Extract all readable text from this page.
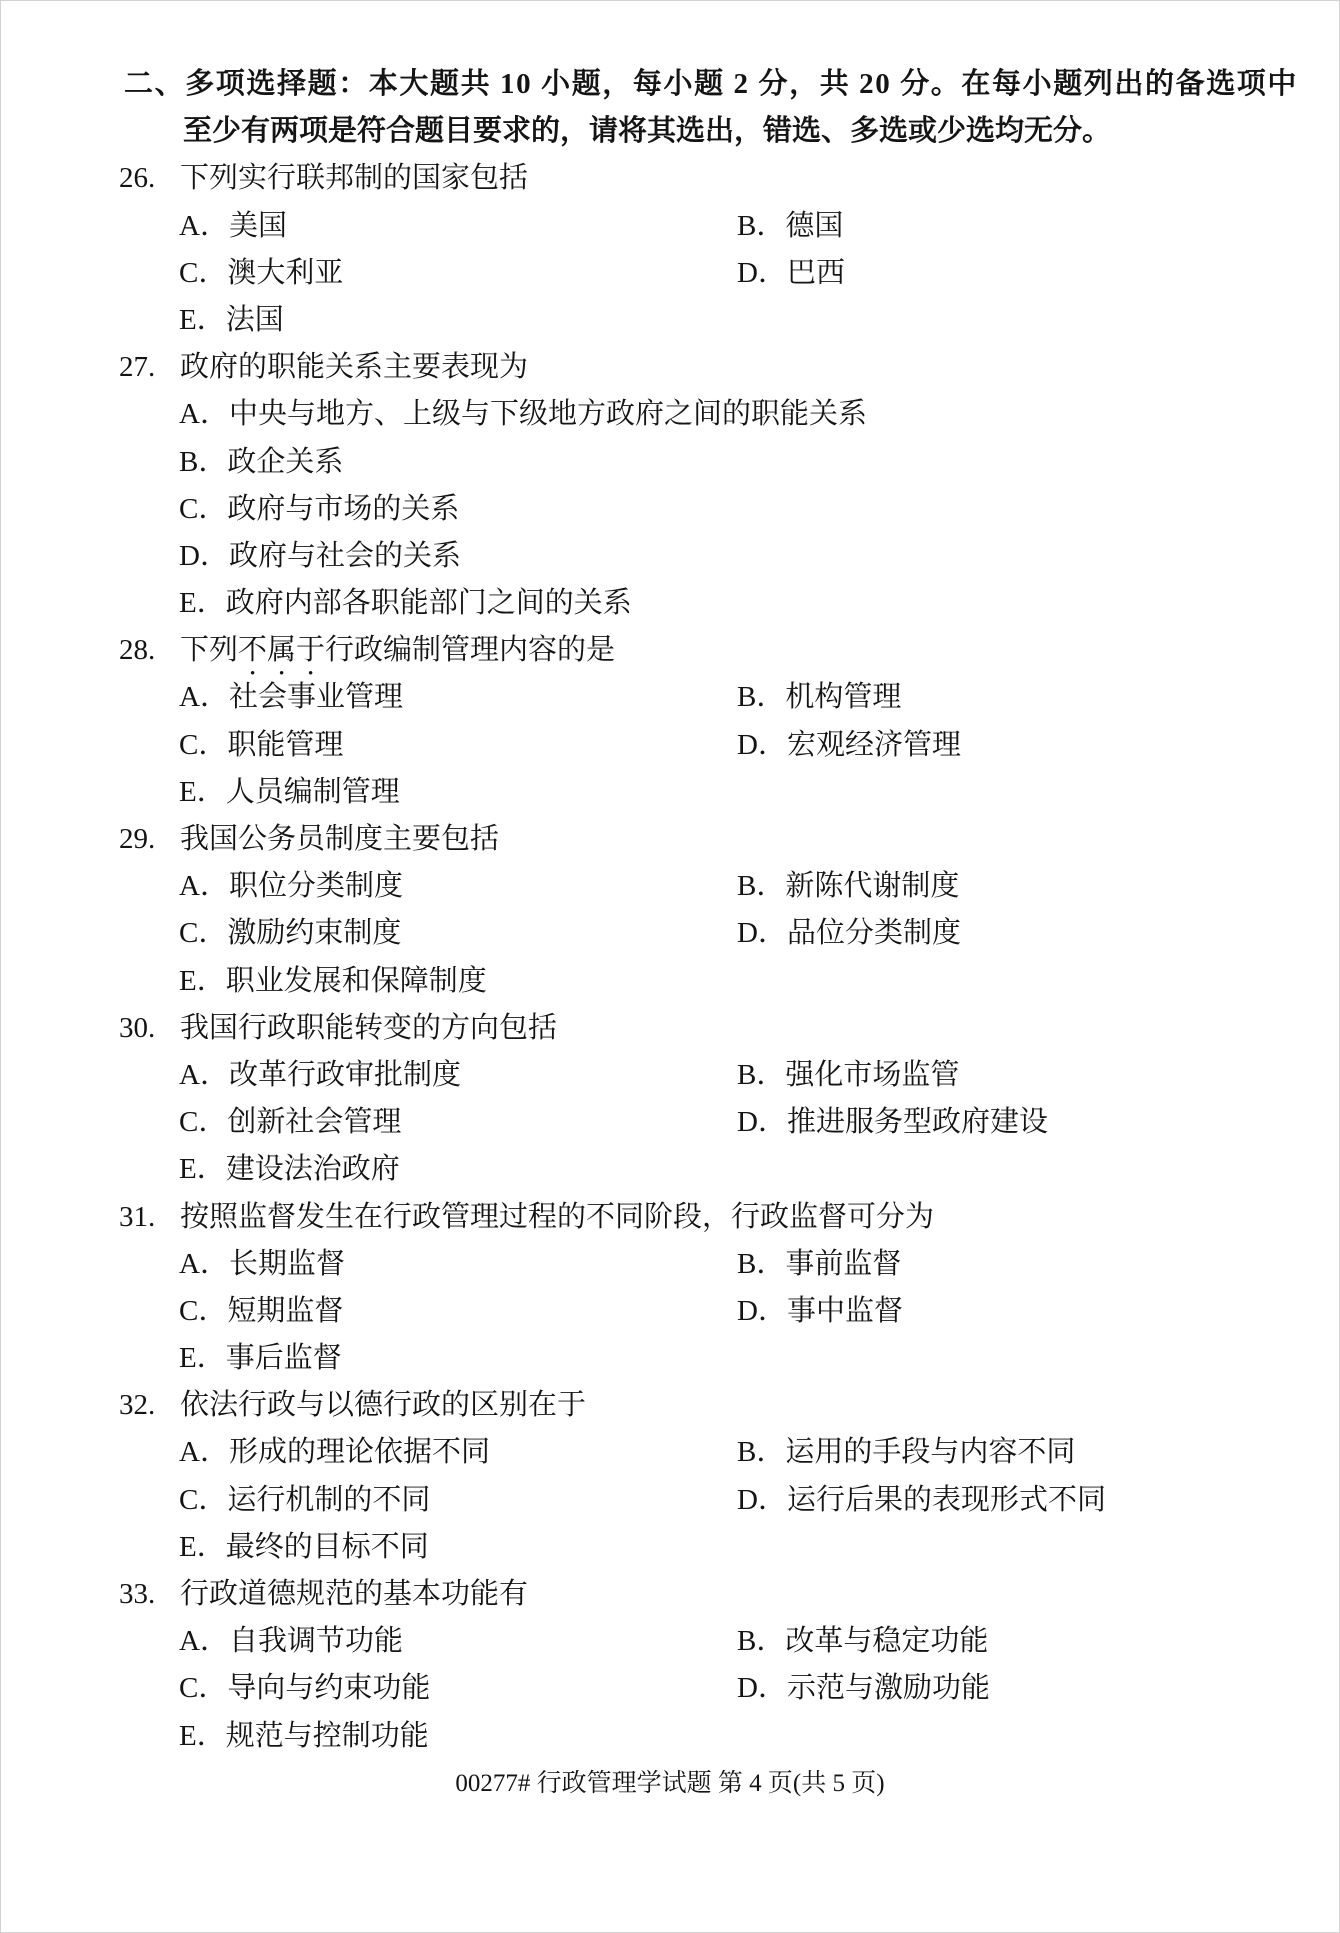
二、多项选择题：本大题共 10 小题，每小题 2 分，共 20 分。在每小题列出的备选项中
至少有两项是符合题目要求的，请将其选出，错选、多选或少选均无分。
26. 下列实行联邦制的国家包括
A．美国	B．德国
C．澳大利亚	D．巴西
E．法国
27. 政府的职能关系主要表现为
A．中央与地方、上级与下级地方政府之间的职能关系
B．政企关系
C．政府与市场的关系
D．政府与社会的关系
E．政府内部各职能部门之间的关系
28. 下列不属于行政编制管理内容的是
A．社会事业管理	B．机构管理
C．职能管理	D．宏观经济管理
E．人员编制管理
29. 我国公务员制度主要包括
A．职位分类制度	B．新陈代谢制度
C．激励约束制度	D．品位分类制度
E．职业发展和保障制度
30. 我国行政职能转变的方向包括
A．改革行政审批制度	B．强化市场监管
C．创新社会管理	D．推进服务型政府建设
E．建设法治政府
31. 按照监督发生在行政管理过程的不同阶段，行政监督可分为
A．长期监督	B．事前监督
C．短期监督	D．事中监督
E．事后监督
32. 依法行政与以德行政的区别在于
A．形成的理论依据不同	B．运用的手段与内容不同
C．运行机制的不同	D．运行后果的表现形式不同
E．最终的目标不同
33. 行政道德规范的基本功能有
A．自我调节功能	B．改革与稳定功能
C．导向与约束功能	D．示范与激励功能
E．规范与控制功能
00277# 行政管理学试题 第 4 页(共 5 页)
